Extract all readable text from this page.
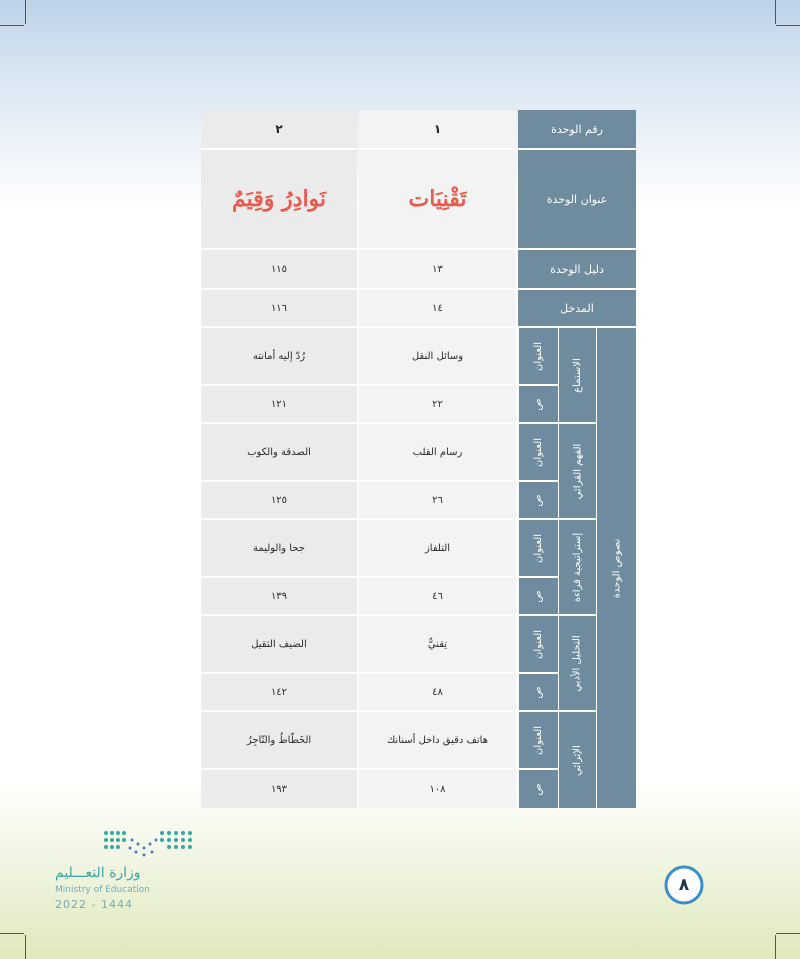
رقم الوحدة
١
٢
عنوان الوحدة
تَقْنِيَات
نَوادِرُ وَقِيَمٌ
دليل الوحدة
١٣
١١٥
المدخل
١٤
١١٦
العنوان
وسائل النقل
رُدّ إليه أمانته
ص
٢٢
١٢١
الاستماع
العنوان
رسام القلب
الصدقة والكوب
ص
٢٦
١٢٥
الفهم القرائي
العنوان
التلفاز
جحا والوليمة
ص
٤٦
١٣٩	إستراتيجية قراءة
العنوان
تِقنيٌّ
الضيف الثقيل
ص
٤٨
١٤٢
التحليل الأدبي
العنوان
هاتف دقيق داخل أسنانك
الخَطّاطُ والتّاجِرُ
ص
١٠٨
١٩٣
الإثرائي
نصوص الوحدة
وزارة التعـــليم
Ministry of Education
2022 - 1444
٨
